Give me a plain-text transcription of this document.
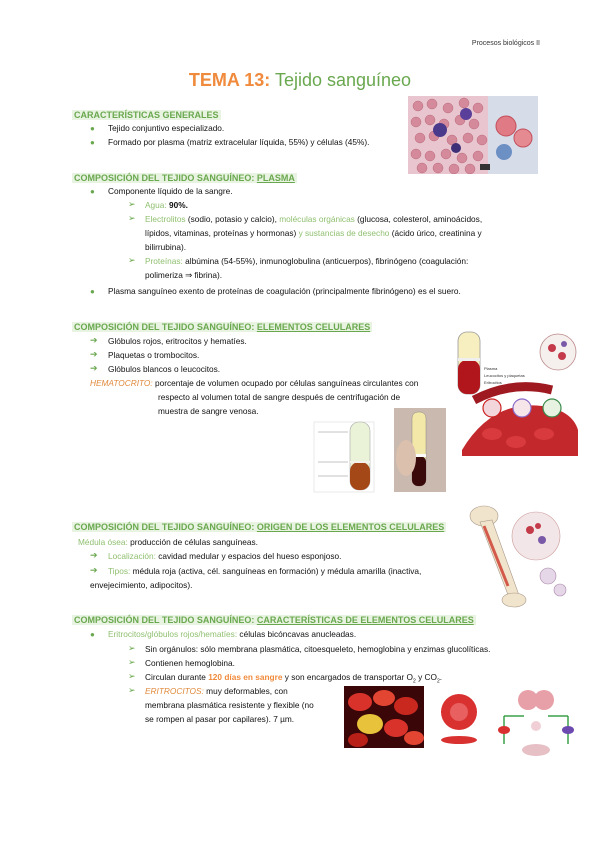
Procesos biológicos II
TEMA 13: Tejido sanguíneo
CARACTERÍSTICAS GENERALES
● Tejido conjuntivo especializado.
● Formado por plasma (matriz extracelular líquida, 55%) y células (45%).
COMPOSICIÓN DEL TEJIDO SANGUÍNEO: PLASMA
● Componente líquido de la sangre.
➢ Agua: 90%.
➢ Electrolitos (sodio, potasio y calcio), moléculas orgánicas (glucosa, colesterol, aminoácidos,
lípidos, vitaminas, proteínas y hormonas) y sustancias de desecho (ácido úrico, creatinina y
bilirrubina).
➢ Proteínas: albúmina (54-55%), inmunoglobulina (anticuerpos), fibrinógeno (coagulación:
polimeriza ⇒ fibrina).
● Plasma sanguíneo exento de proteínas de coagulación (principalmente fibrinógeno) es el suero.
COMPOSICIÓN DEL TEJIDO SANGUÍNEO: ELEMENTOS CELULARES
➔ Glóbulos rojos, eritrocitos y hematíes.
➔ Plaquetas o trombocitos.
➔ Glóbulos blancos o leucocitos.
HEMATOCRITO: porcentaje de volumen ocupado por células sanguíneas circulantes con
respecto al volumen total de sangre después de centrifugación de
muestra de sangre venosa.
Plasma
Leucocitos y plaquetas
Eritrocitos
COMPOSICIÓN DEL TEJIDO SANGUÍNEO: ORIGEN DE LOS ELEMENTOS CELULARES
Médula ósea: producción de células sanguíneas.
➔ Localización: cavidad medular y espacios del hueso esponjoso.
➔ Tipos: médula roja (activa, cél. sanguíneas en formación) y médula amarilla (inactiva,
envejecimiento, adipocitos).
COMPOSICIÓN DEL TEJIDO SANGUÍNEO: CARACTERÍSTICAS DE ELEMENTOS CELULARES
● Eritrocitos/glóbulos rojos/hematíes: células bicóncavas anucleadas.
➢ Sin orgánulos: sólo membrana plasmática, citoesqueleto, hemoglobina y enzimas glucolíticas.
➢ Contienen hemoglobina.
➢ Circulan durante 120 días en sangre y son encargados de transportar $O_2$ y $CO_2$.
➢ ERITROCITOS: muy deformables, con
membrana plasmática resistente y flexible (no
se rompen al pasar por capilares). 7 µm.
